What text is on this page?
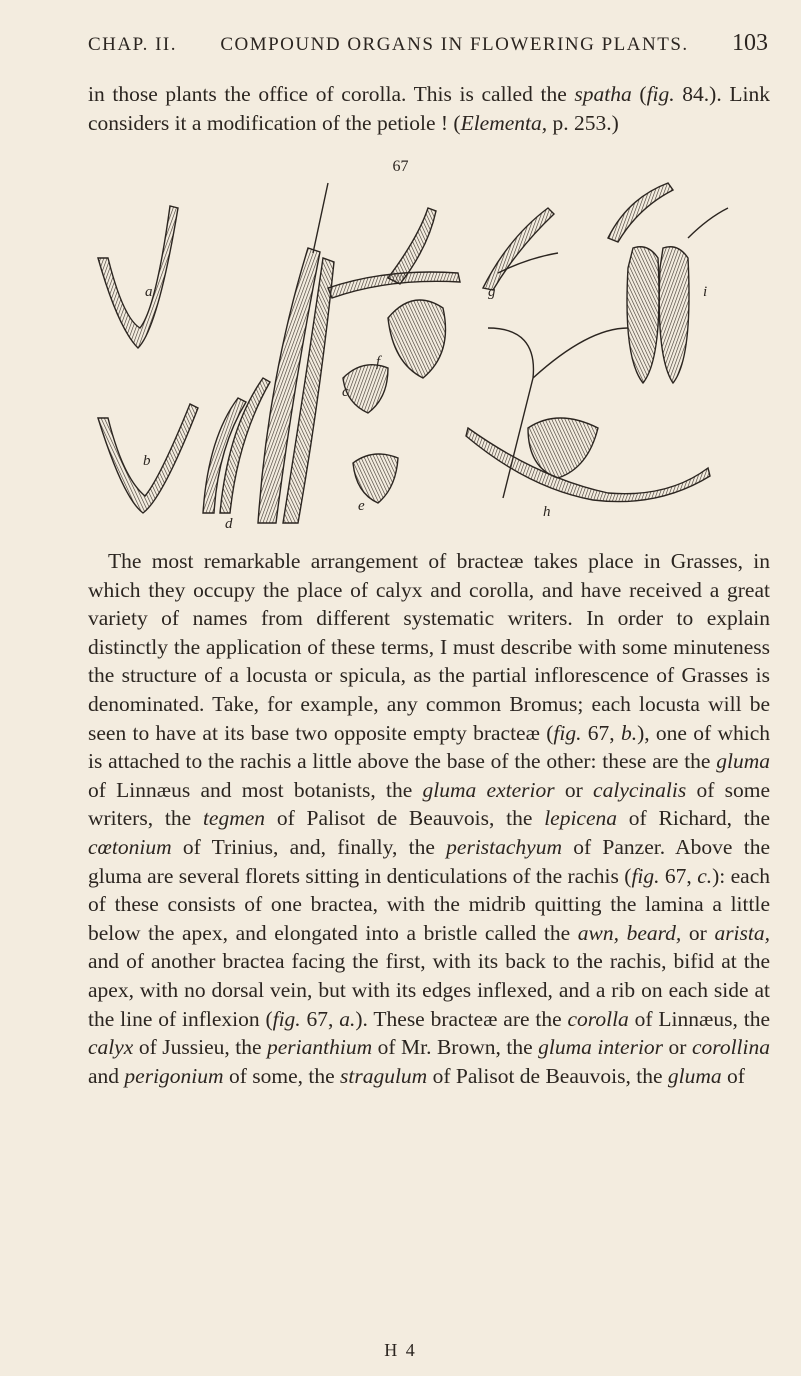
CHAP. II. COMPOUND ORGANS IN FLOWERING PLANTS. 103

in those plants the office of corolla. This is called the spatha (fig. 84.). Link considers it a modification of the petiole ! (Elementa, p. 253.)

67
a
b
c
d
e
f
g
h
i

The most remarkable arrangement of bracteæ takes place in Grasses, in which they occupy the place of calyx and corolla, and have received a great variety of names from different systematic writers. In order to explain distinctly the application of these terms, I must describe with some minuteness the structure of a locusta or spicula, as the partial inflorescence of Grasses is denominated. Take, for example, any common Bromus; each locusta will be seen to have at its base two opposite empty bracteæ (fig. 67, b.), one of which is attached to the rachis a little above the base of the other: these are the gluma of Linnæus and most botanists, the gluma exterior or calycinalis of some writers, the tegmen of Palisot de Beauvois, the lepicena of Richard, the cœtonium of Trinius, and, finally, the peristachyum of Panzer. Above the gluma are several florets sitting in denticulations of the rachis (fig. 67, c.): each of these consists of one bractea, with the midrib quitting the lamina a little below the apex, and elongated into a bristle called the awn, beard, or arista, and of another bractea facing the first, with its back to the rachis, bifid at the apex, with no dorsal vein, but with its edges inflexed, and a rib on each side at the line of inflexion (fig. 67, a.). These bracteæ are the corolla of Linnæus, the calyx of Jussieu, the perianthium of Mr. Brown, the gluma interior or corollina and perigonium of some, the stragulum of Palisot de Beauvois, the gluma of

H 4
